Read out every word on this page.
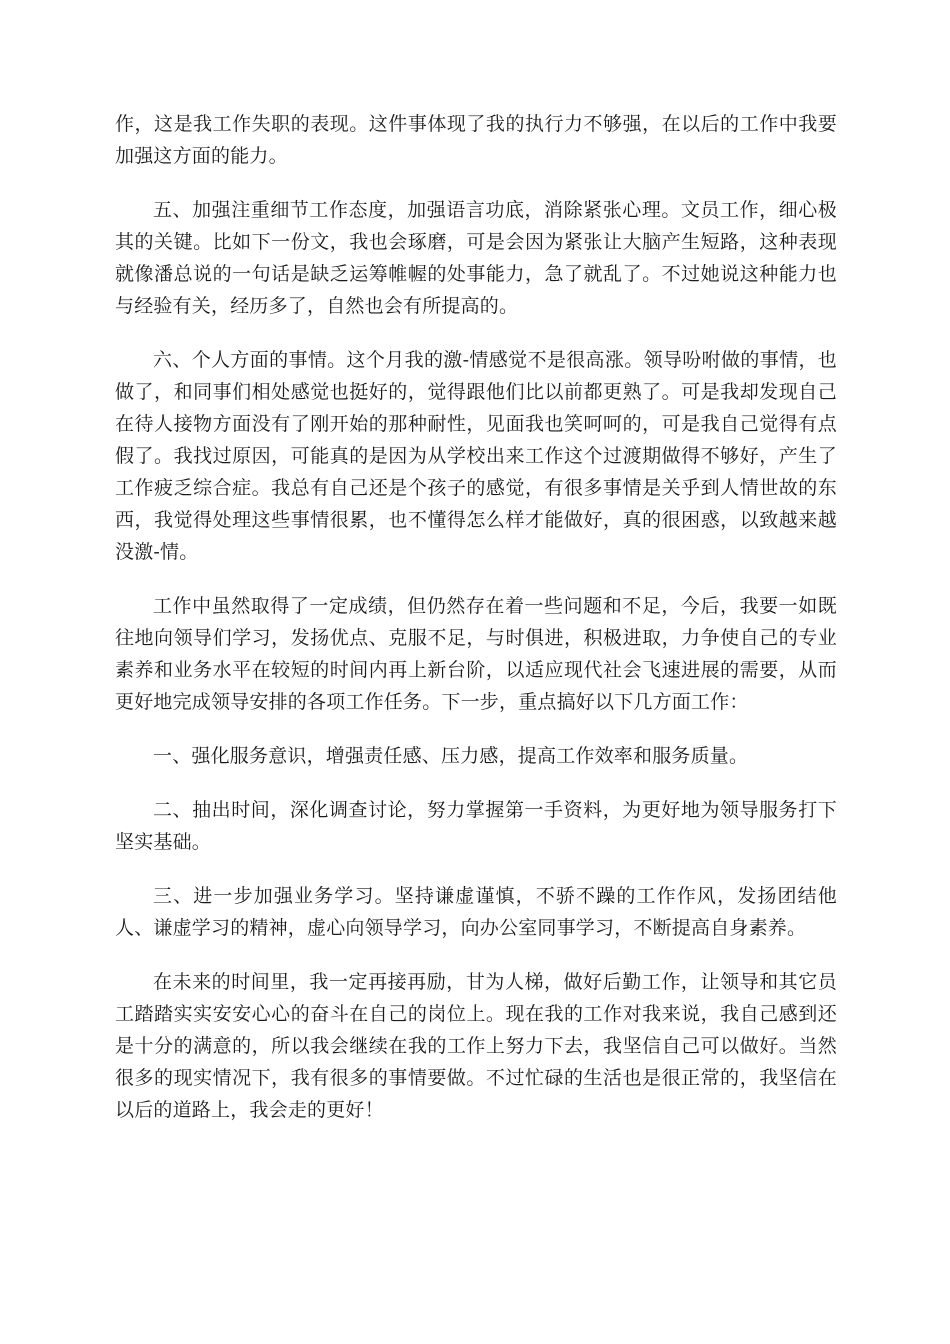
作，这是我工作失职的表现。这件事体现了我的执行力不够强，在以后的工作中我要加强这方面的能力。

五、加强注重细节工作态度，加强语言功底，消除紧张心理。文员工作，细心极其的关键。比如下一份文，我也会琢磨，可是会因为紧张让大脑产生短路，这种表现就像潘总说的一句话是缺乏运筹帷幄的处事能力，急了就乱了。不过她说这种能力也与经验有关，经历多了，自然也会有所提高的。

六、个人方面的事情。这个月我的激-情感觉不是很高涨。领导吩咐做的事情，也做了，和同事们相处感觉也挺好的，觉得跟他们比以前都更熟了。可是我却发现自己在待人接物方面没有了刚开始的那种耐性，见面我也笑呵呵的，可是我自己觉得有点假了。我找过原因，可能真的是因为从学校出来工作这个过渡期做得不够好，产生了工作疲乏综合症。我总有自己还是个孩子的感觉，有很多事情是关乎到人情世故的东西，我觉得处理这些事情很累，也不懂得怎么样才能做好，真的很困惑，以致越来越没激-情。

工作中虽然取得了一定成绩，但仍然存在着一些问题和不足，今后，我要一如既往地向领导们学习，发扬优点、克服不足，与时俱进，积极进取，力争使自己的专业素养和业务水平在较短的时间内再上新台阶，以适应现代社会飞速进展的需要，从而更好地完成领导安排的各项工作任务。下一步，重点搞好以下几方面工作：

一、强化服务意识，增强责任感、压力感，提高工作效率和服务质量。

二、抽出时间，深化调查讨论，努力掌握第一手资料，为更好地为领导服务打下坚实基础。

三、进一步加强业务学习。坚持谦虚谨慎，不骄不躁的工作作风，发扬团结他人、谦虚学习的精神，虚心向领导学习，向办公室同事学习，不断提高自身素养。

在未来的时间里，我一定再接再励，甘为人梯，做好后勤工作，让领导和其它员工踏踏实实安安心心的奋斗在自己的岗位上。现在我的工作对我来说，我自己感到还是十分的满意的，所以我会继续在我的工作上努力下去，我坚信自己可以做好。当然很多的现实情况下，我有很多的事情要做。不过忙碌的生活也是很正常的，我坚信在以后的道路上，我会走的更好！
